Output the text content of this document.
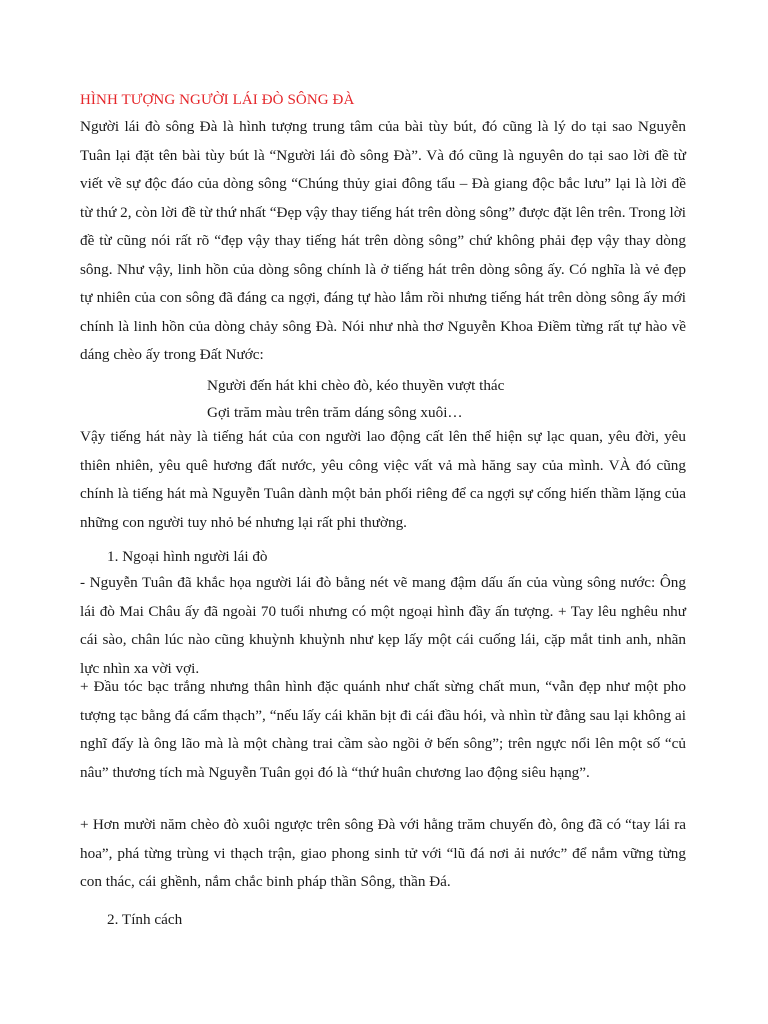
HÌNH TƯỢNG NGƯỜI LÁI ĐÒ SÔNG ĐÀ

Người lái đò sông Đà là hình tượng trung tâm của bài tùy bút, đó cũng là lý do tại sao Nguyễn Tuân lại đặt tên bài tùy bút là “Người lái đò sông Đà”. Và đó cũng là nguyên do tại sao lời đề từ viết về sự độc đáo của dòng sông “Chúng thủy giai đông tẩu – Đà giang độc bắc lưu” lại là lời đề từ thứ 2, còn lời đề từ thứ nhất “Đẹp vậy thay tiếng hát trên dòng sông” được đặt lên trên. Trong lời đề từ cũng nói rất rõ “đẹp vậy thay tiếng hát trên dòng sông” chứ không phải đẹp vậy thay dòng sông. Như vậy, linh hồn của dòng sông chính là ở tiếng hát trên dòng sông ấy. Có nghĩa là vẻ đẹp tự nhiên của con sông đã đáng ca ngợi, đáng tự hào lắm rồi nhưng tiếng hát trên dòng sông ấy mới chính là linh hồn của dòng chảy sông Đà. Nói như nhà thơ Nguyễn Khoa Điềm từng rất tự hào về dáng chèo ấy trong Đất Nước:

Người đến hát khi chèo đò, kéo thuyền vượt thác
Gợi trăm màu trên trăm dáng sông xuôi…

Vậy tiếng hát này là tiếng hát của con người lao động cất lên thể hiện sự lạc quan, yêu đời, yêu thiên nhiên, yêu quê hương đất nước, yêu công việc vất vả mà hăng say của mình. VÀ đó cũng chính là tiếng hát mà Nguyễn Tuân dành một bản phối riêng để ca ngợi sự cống hiến thầm lặng của những con người tuy nhỏ bé nhưng lại rất phi thường.

1. Ngoại hình người lái đò

- Nguyễn Tuân đã khắc họa người lái đò bằng nét vẽ mang đậm dấu ấn của vùng sông nước: Ông lái đò Mai Châu ấy đã ngoài 70 tuổi nhưng có một ngoại hình đầy ấn tượng. + Tay lêu nghêu như cái sào, chân lúc nào cũng khuỳnh khuỳnh như kẹp lấy một cái cuống lái, cặp mắt tinh anh, nhãn lực nhìn xa vời vợi.

+ Đầu tóc bạc trắng nhưng thân hình đặc quánh như chất sừng chất mun, “vẫn đẹp như một pho tượng tạc bằng đá cẩm thạch”, “nếu lấy cái khăn bịt đi cái đầu hói, và nhìn từ đằng sau lại không ai nghĩ đấy là ông lão mà là một chàng trai cầm sào ngồi ở bến sông”; trên ngực nổi lên một số “củ nâu” thương tích mà Nguyễn Tuân gọi đó là “thứ huân chương lao động siêu hạng”.

+ Hơn mười năm chèo đò xuôi ngược trên sông Đà với hằng trăm chuyến đò, ông đã có “tay lái ra hoa”, phá từng trùng vi thạch trận, giao phong sinh tử với “lũ đá nơi ải nước” để nắm vững từng con thác, cái ghềnh, nắm chắc binh pháp thần Sông, thần Đá.

2. Tính cách
